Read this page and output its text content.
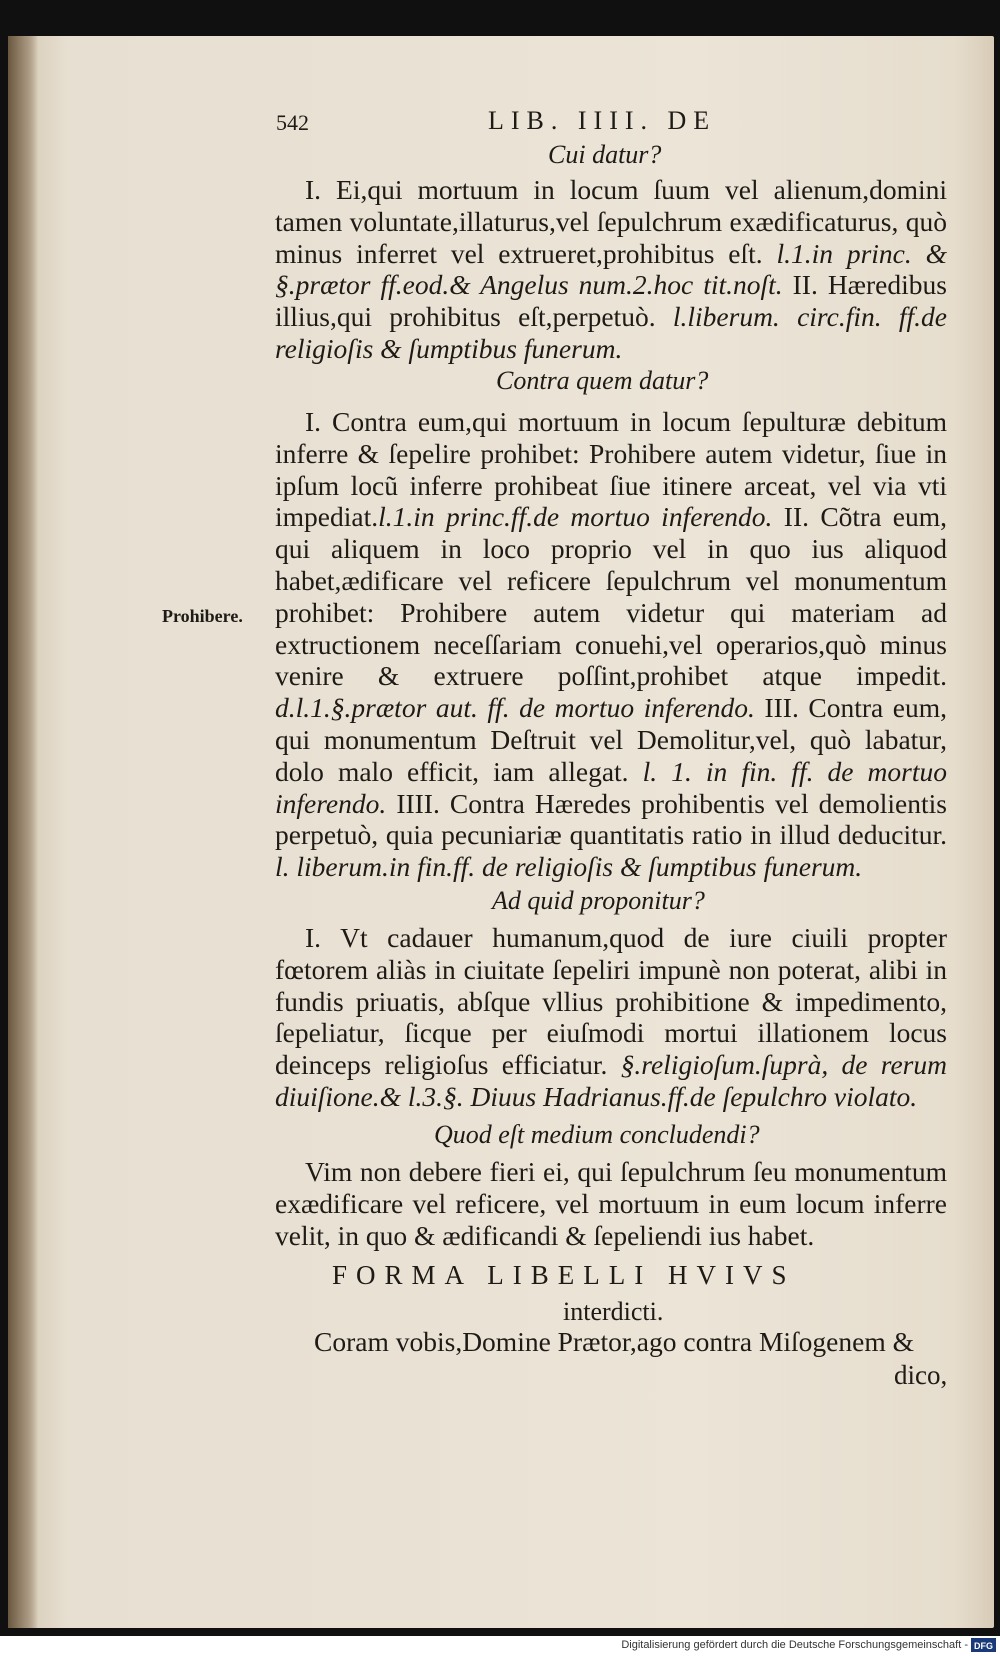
542	LIB. IIII. DE
Cui datur?

I. Ei,qui mortuum in locum ſuum vel alienum,domini tamen voluntate,illaturus,vel ſepulchrum exædificaturus, quò minus inferret vel extrueret,prohibitus eſt. l.1.in princ. & §.prætor ff.eod.& Angelus num.2.hoc tit.noſt. II. Hæredibus illius,qui prohibitus eſt,perpetuò. l.liberum. circ.fin. ff.de religioſis & ſumptibus funerum.

Contra quem datur?
Prohibere.

I. Contra eum,qui mortuum in locum ſepulturæ debitum inferre & ſepelire prohibet: Prohibere autem videtur, ſiue in ipſum locũ inferre prohibeat ſiue itinere arceat, vel via vti impediat.l.1.in princ.ff.de mortuo inferendo. II. Cõtra eum, qui aliquem in loco proprio vel in quo ius aliquod habet,ædificare vel reficere ſepulchrum vel monumentum prohibet: Prohibere autem videtur qui materiam ad extructionem neceſſariam conuehi,vel operarios,quò minus venire & extruere poſſint,prohibet atque impedit. d.l.1.§.prætor aut. ff. de mortuo inferendo. III. Contra eum, qui monumentum Deſtruit vel Demolitur,vel, quò labatur, dolo malo efficit, iam allegat. l. 1. in fin. ff. de mortuo inferendo. IIII. Contra Hæredes prohibentis vel demolientis perpetuò, quia pecuniariæ quantitatis ratio in illud deducitur. l. liberum.in fin.ff. de religioſis & ſumptibus funerum.

Ad quid proponitur?

I. Vt cadauer humanum,quod de iure ciuili propter fœtorem aliàs in ciuitate ſepeliri impunè non poterat, alibi in fundis priuatis, abſque vllius prohibitione & impedimento, ſepeliatur, ſicque per eiuſmodi mortui illationem locus deinceps religioſus efficiatur. §.religioſum.ſuprà, de rerum diuiſione.& l.3.§. Diuus Hadrianus.ff.de ſepulchro violato.

Quod eſt medium concludendi?

Vim non debere fieri ei, qui ſepulchrum ſeu monumentum exædificare vel reficere, vel mortuum in eum locum inferre velit, in quo & ædificandi & ſepeliendi ius habet.

FORMA LIBELLI HVIVS
interdicti.
Coram vobis,Domine Prætor,ago contra Miſogenem &
dico,
Digitalisierung gefördert durch die Deutsche Forschungsgemeinschaft - DFG
